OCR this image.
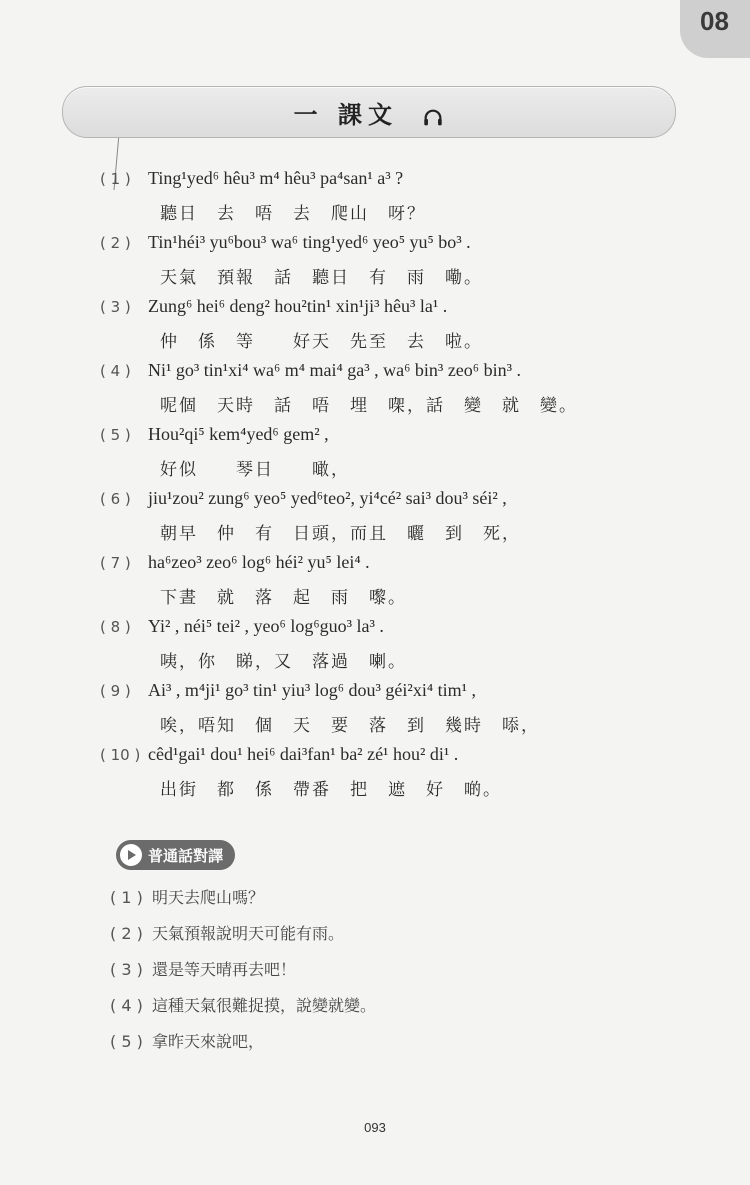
08
一 課文
( 1 ) Ting¹yed⁶ hêu³ m⁴ hêu³ pa⁴san¹ a³ ?
聽日　去　唔　去　爬山　呀？
( 2 ) Tin¹héi³ yu⁶bou³ wa⁶ ting¹yed⁶ yeo⁵ yu⁵ bo³ .
天氣　預報　話　聽日　有　雨　嘞。
( 3 ) Zung⁶ hei⁶ deng² hou²tin¹ xin¹ji³ hêu³ la¹ .
仲　係　等　　好天　先至　去　啦。
( 4 ) Ni¹ go³ tin¹xi⁴ wa⁶ m⁴ mai⁴ ga³ , wa⁶ bin³ zeo⁶ bin³ .
呢個　天時　話　唔　埋　㗎，話　變　就　變。
( 5 ) Hou²qi⁵ kem⁴yed⁶ gem² ,
好似　　琴日　　噉，
( 6 ) jiu¹zou² zung⁶ yeo⁵ yed⁶teo², yi⁴cé² sai³ dou³ séi² ,
朝早　仲　有　日頭，而且　曬　到　死，
( 7 ) ha⁶zeo³ zeo⁶ log⁶ héi² yu⁵ lei⁴ .
下晝　就　落　起　雨　嚟。
( 8 ) Yi² , néi⁵ tei² , yeo⁶ log⁶guo³ la³ .
咦，你　睇，又　落過　喇。
( 9 ) Ai³ , m⁴ji¹ go³ tin¹ yiu³ log⁶ dou³ géi²xi⁴ tim¹ ,
唉，唔知　個　天　要　落　到　幾時　㖭，
( 10 ) cêd¹gai¹ dou¹ hei⁶ dai³fan¹ ba² zé¹ hou² di¹ .
出街　都　係　帶番　把　遮　好　啲。
普通話對譯
( 1 ) 明天去爬山嗎？
( 2 ) 天氣預報說明天可能有雨。
( 3 ) 還是等天晴再去吧！
( 4 ) 這種天氣很難捉摸，說變就變。
( 5 ) 拿昨天來說吧，
093
